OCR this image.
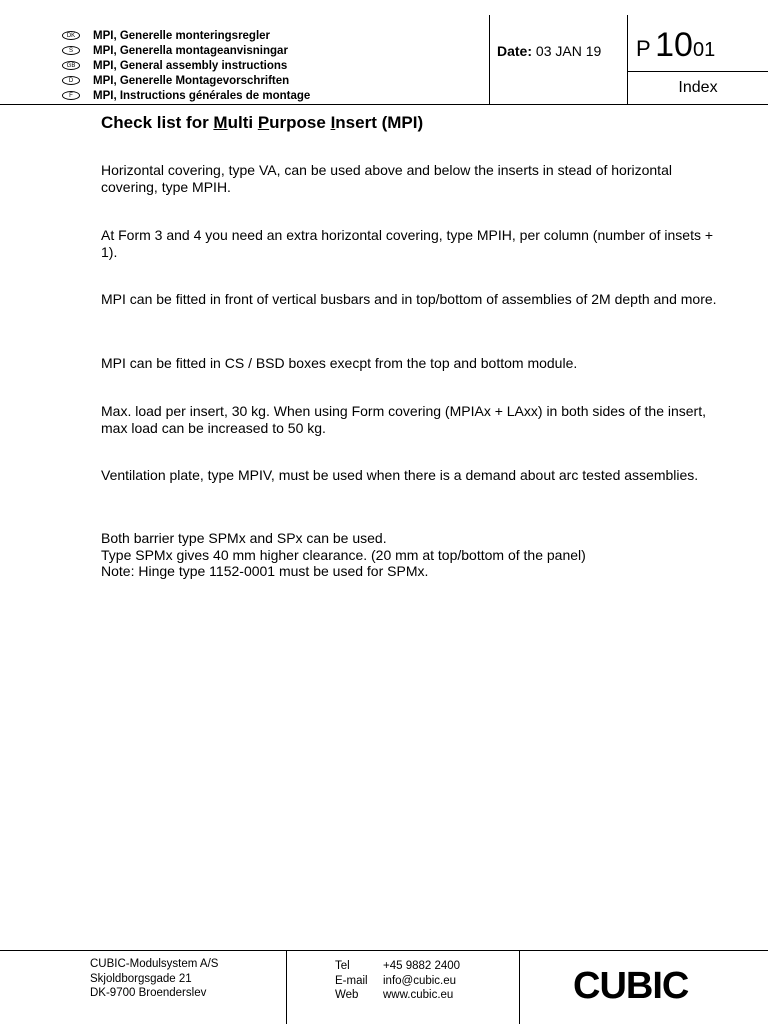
DK	MPI, Generelle monteringsregler
S	MPI, Generella montageanvisningar
GB	MPI, General assembly instructions
D	MPI, Generelle Montagevorschriften
F	MPI, Instructions générales de montage
Date: 03 JAN 19 P 1001
Index
Check list for Multi Purpose Insert (MPI)
Horizontal covering, type VA, can be used above and below the inserts in stead of horizontal covering, type MPIH.
At Form 3 and 4 you need an extra horizontal covering, type MPIH, per column (number of insets + 1).
MPI can be fitted in front of vertical busbars and in top/bottom of assemblies of 2M depth and more.
MPI can be fitted in CS / BSD boxes execpt from the top and bottom module.
Max. load per insert, 30 kg. When using Form covering (MPIAx + LAxx) in both sides of the insert, max load can be increased to 50 kg.
Ventilation plate, type MPIV, must be used when there is a demand about arc tested assemblies.
Both barrier type SPMx and SPx can be used.
Type SPMx gives 40 mm higher clearance. (20 mm at top/bottom of the panel)
Note: Hinge type 1152-0001 must be used for SPMx.
CUBIC-Modulsystem A/S
Skjoldborgsgade 21
DK-9700 Broenderslev
Tel	+45 9882 2400
E-mail info@cubic.eu
Web www.cubic.eu	CUBIC
